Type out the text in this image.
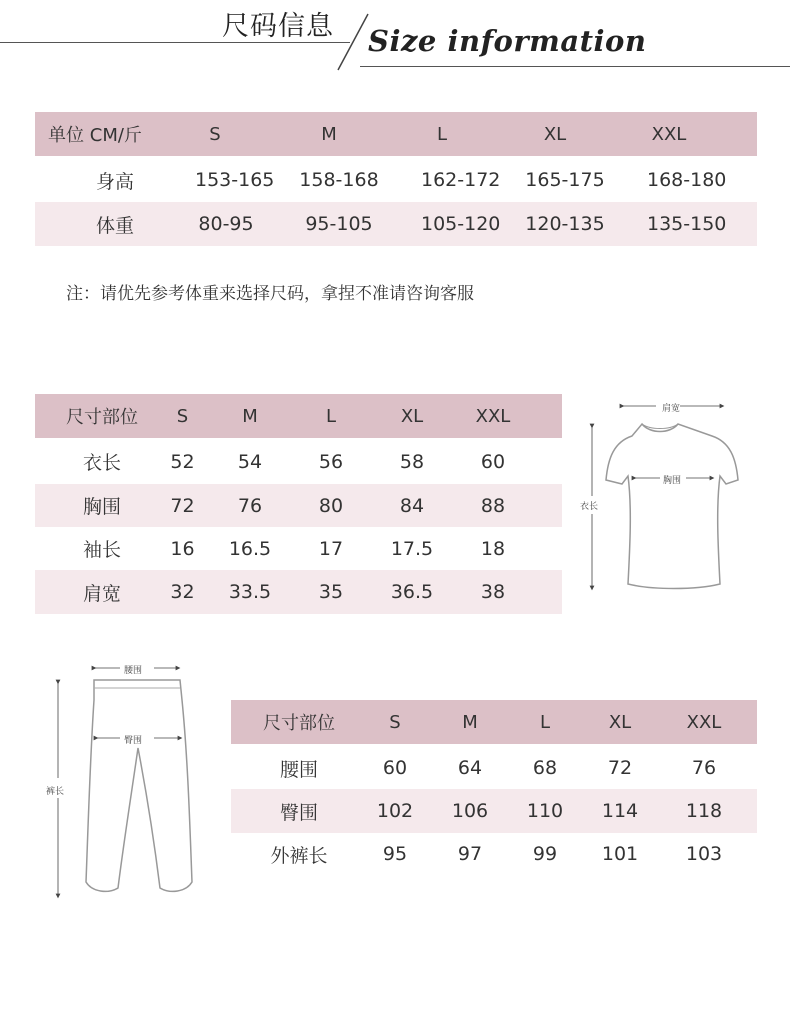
尺码信息 Size information
单位 CM/斤	S	M	L	XL	XXL
身高	153-165	158-168	162-172	165-175	168-180
体重	80-95	95-105	105-120	120-135	135-150
注：请优先参考体重来选择尺码，拿捏不准请咨询客服
尺寸部位	S	M	L	XL	XXL
衣长	52	54	56	58	60
胸围	72	76	80	84	88
袖长	16	16.5	17	17.5	18
肩宽	32	33.5	35	36.5	38
肩宽
胸围
衣长
腰围
臀围
裤长
尺寸部位	S	M	L	XL	XXL
腰围	60	64	68	72	76
臀围	102	106	110	114	118
外裤长	95	97	99	101	103
